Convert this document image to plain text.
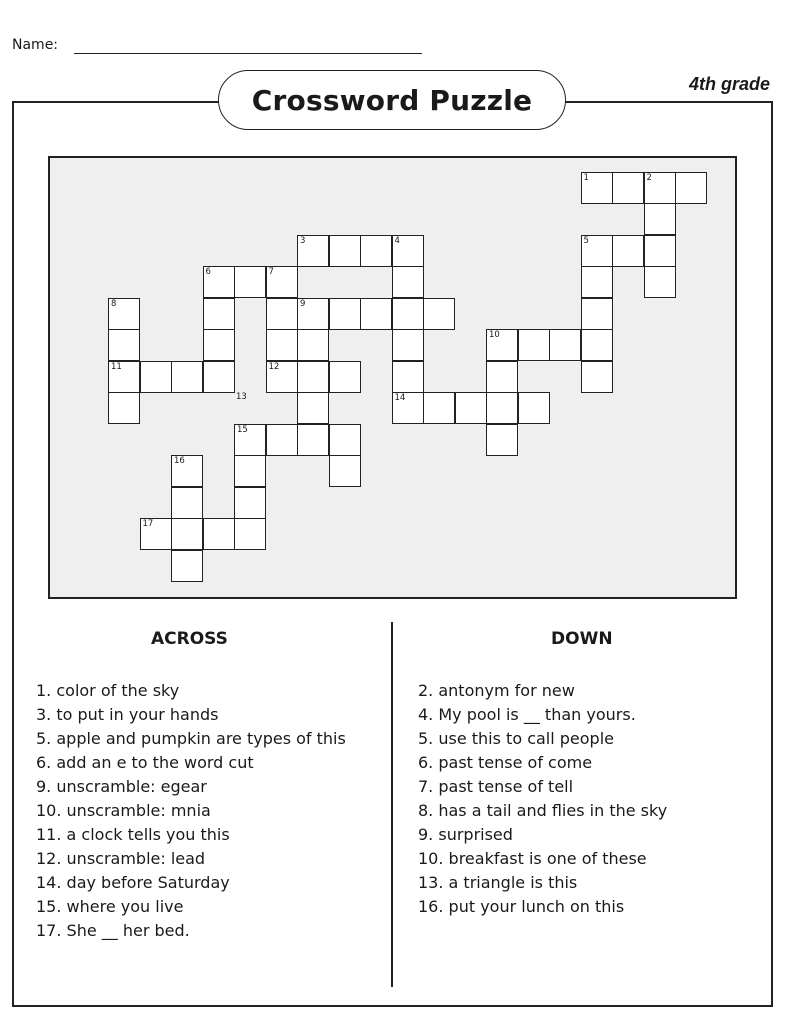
Name:
Crossword Puzzle	4th grade
1	2
3	4	5
6	7
8	9
10
11	12
14
15
16
17
13
ACROSS	DOWN
1. color of the sky
3. to put in your hands
5. apple and pumpkin are types of this
6. add an e to the word cut
9. unscramble: egear
10. unscramble: mnia
11. a clock tells you this
12. unscramble: lead
14. day before Saturday
15. where you live
17. She __ her bed.
2. antonym for new
4. My pool is __ than yours.
5. use this to call people
6. past tense of come
7. past tense of tell
8. has a tail and flies in the sky
9. surprised
10. breakfast is one of these
13. a triangle is this
16. put your lunch on this
